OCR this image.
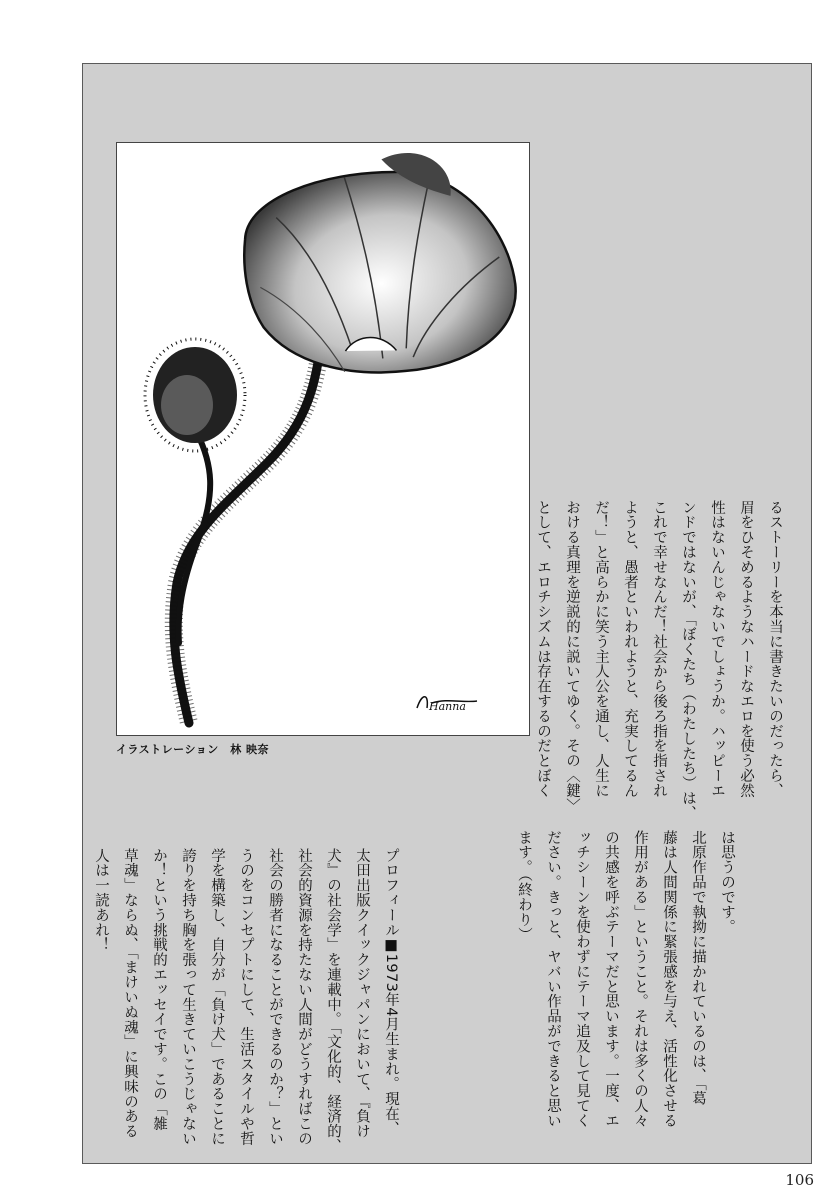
Hanna
イラストレーション　林 映奈	るストーリーを本当に書きたいのだったら、
眉をひそめるようなハードなエロを使う必然
性はないんじゃないでしょうか。ハッピーエ
ンドではないが、「ぼくたち（わたしたち）は、
これで幸せなんだ！社会から後ろ指を指され
ようと、愚者といわれようと、充実してるん
だ！」と高らかに笑う主人公を通し、人生に
おける真理を逆説的に説いてゆく。その〈鍵〉
として、エロチシズムは存在するのだとぼく
は思うのです。
北原作品で執拗に描かれているのは、「葛
藤は人間関係に緊張感を与え、活性化させる
作用がある」ということ。それは多くの人々
の共感を呼ぶテーマだと思います。一度、エ
ッチシーンを使わずにテーマ追及して見てく
ださい。きっと、ヤバい作品ができると思い
ます。（終わり）
プロフィール■1973年4月生まれ。現在、
太田出版クイックジャパンにおいて、『負け
犬』の社会学」を連載中。「文化的、経済的、
社会的資源を持たない人間がどうすればこの
社会の勝者になることができるのか？」とい
うのをコンセプトにして、生活スタイルや哲
学を構築し、自分が「負け犬」であることに
誇りを持ち胸を張って生きていこうじゃない
か！という挑戦的エッセイです。この「雑
草魂」ならぬ、「まけいぬ魂」に興味のある
人は一読あれ！
106
